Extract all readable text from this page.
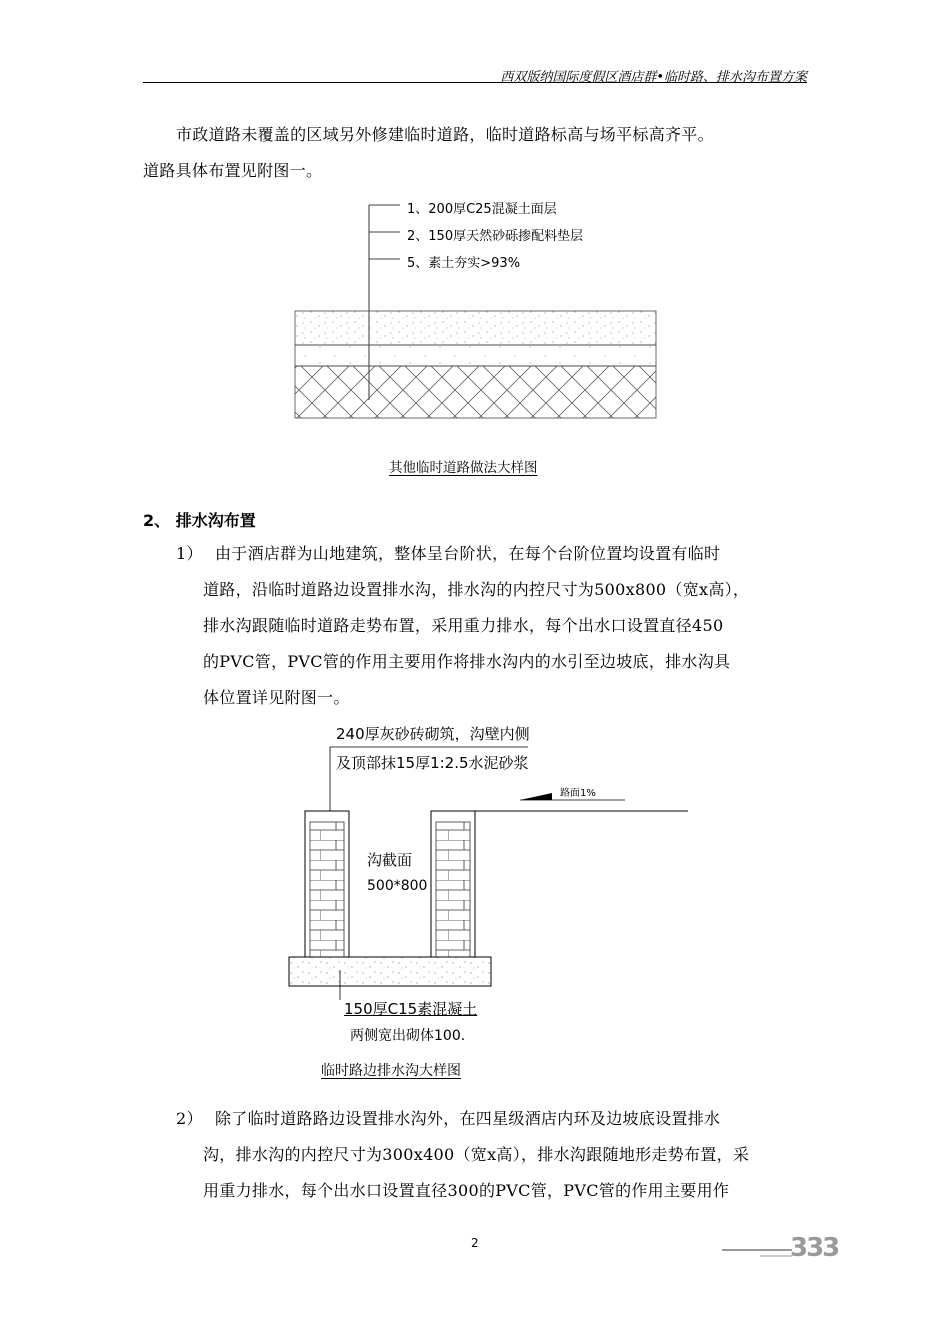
西双版纳国际度假区酒店群•临时路、排水沟布置方案
市政道路未覆盖的区域另外修建临时道路，临时道路标高与场平标高齐平。
道路具体布置见附图一。
1、200厚C25混凝土面层
2、150厚天然砂砾掺配料垫层
5、素土夯实>93%
其他临时道路做法大样图
2、 排水沟布置
1） 由于酒店群为山地建筑，整体呈台阶状，在每个台阶位置均设置有临时
道路，沿临时道路边设置排水沟，排水沟的内控尺寸为500x800（宽x高），
排水沟跟随临时道路走势布置，采用重力排水，每个出水口设置直径450
的PVC管，PVC管的作用主要用作将排水沟内的水引至边坡底，排水沟具
体位置详见附图一。
240厚灰砂砖砌筑，沟壁内侧
及顶部抹15厚1:2.5水泥砂浆
路面1%
沟截面
500*800
150厚C15素混凝土
两侧宽出砌体100.
临时路边排水沟大样图
2） 除了临时道路路边设置排水沟外，在四星级酒店内环及边坡底设置排水
沟，排水沟的内控尺寸为300x400（宽x高），排水沟跟随地形走势布置，采
用重力排水，每个出水口设置直径300的PVC管，PVC管的作用主要用作
2	333
